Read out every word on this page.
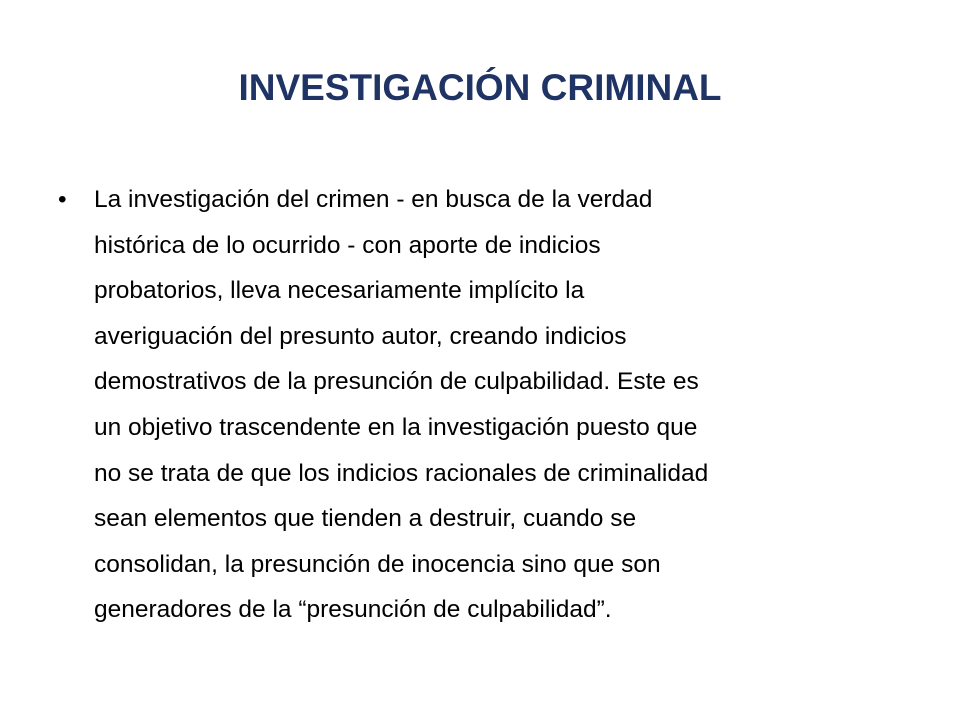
INVESTIGACIÓN CRIMINAL
•	La investigación del crimen - en busca de la verdad
histórica de lo ocurrido - con aporte de indicios
probatorios, lleva necesariamente implícito la
averiguación del presunto autor, creando indicios
demostrativos de la presunción de culpabilidad. Este es
un objetivo trascendente en la investigación puesto que
no se trata de que los indicios racionales de criminalidad
sean elementos que tienden a destruir, cuando se
consolidan, la presunción de inocencia sino que son
generadores de la “presunción de culpabilidad”.
